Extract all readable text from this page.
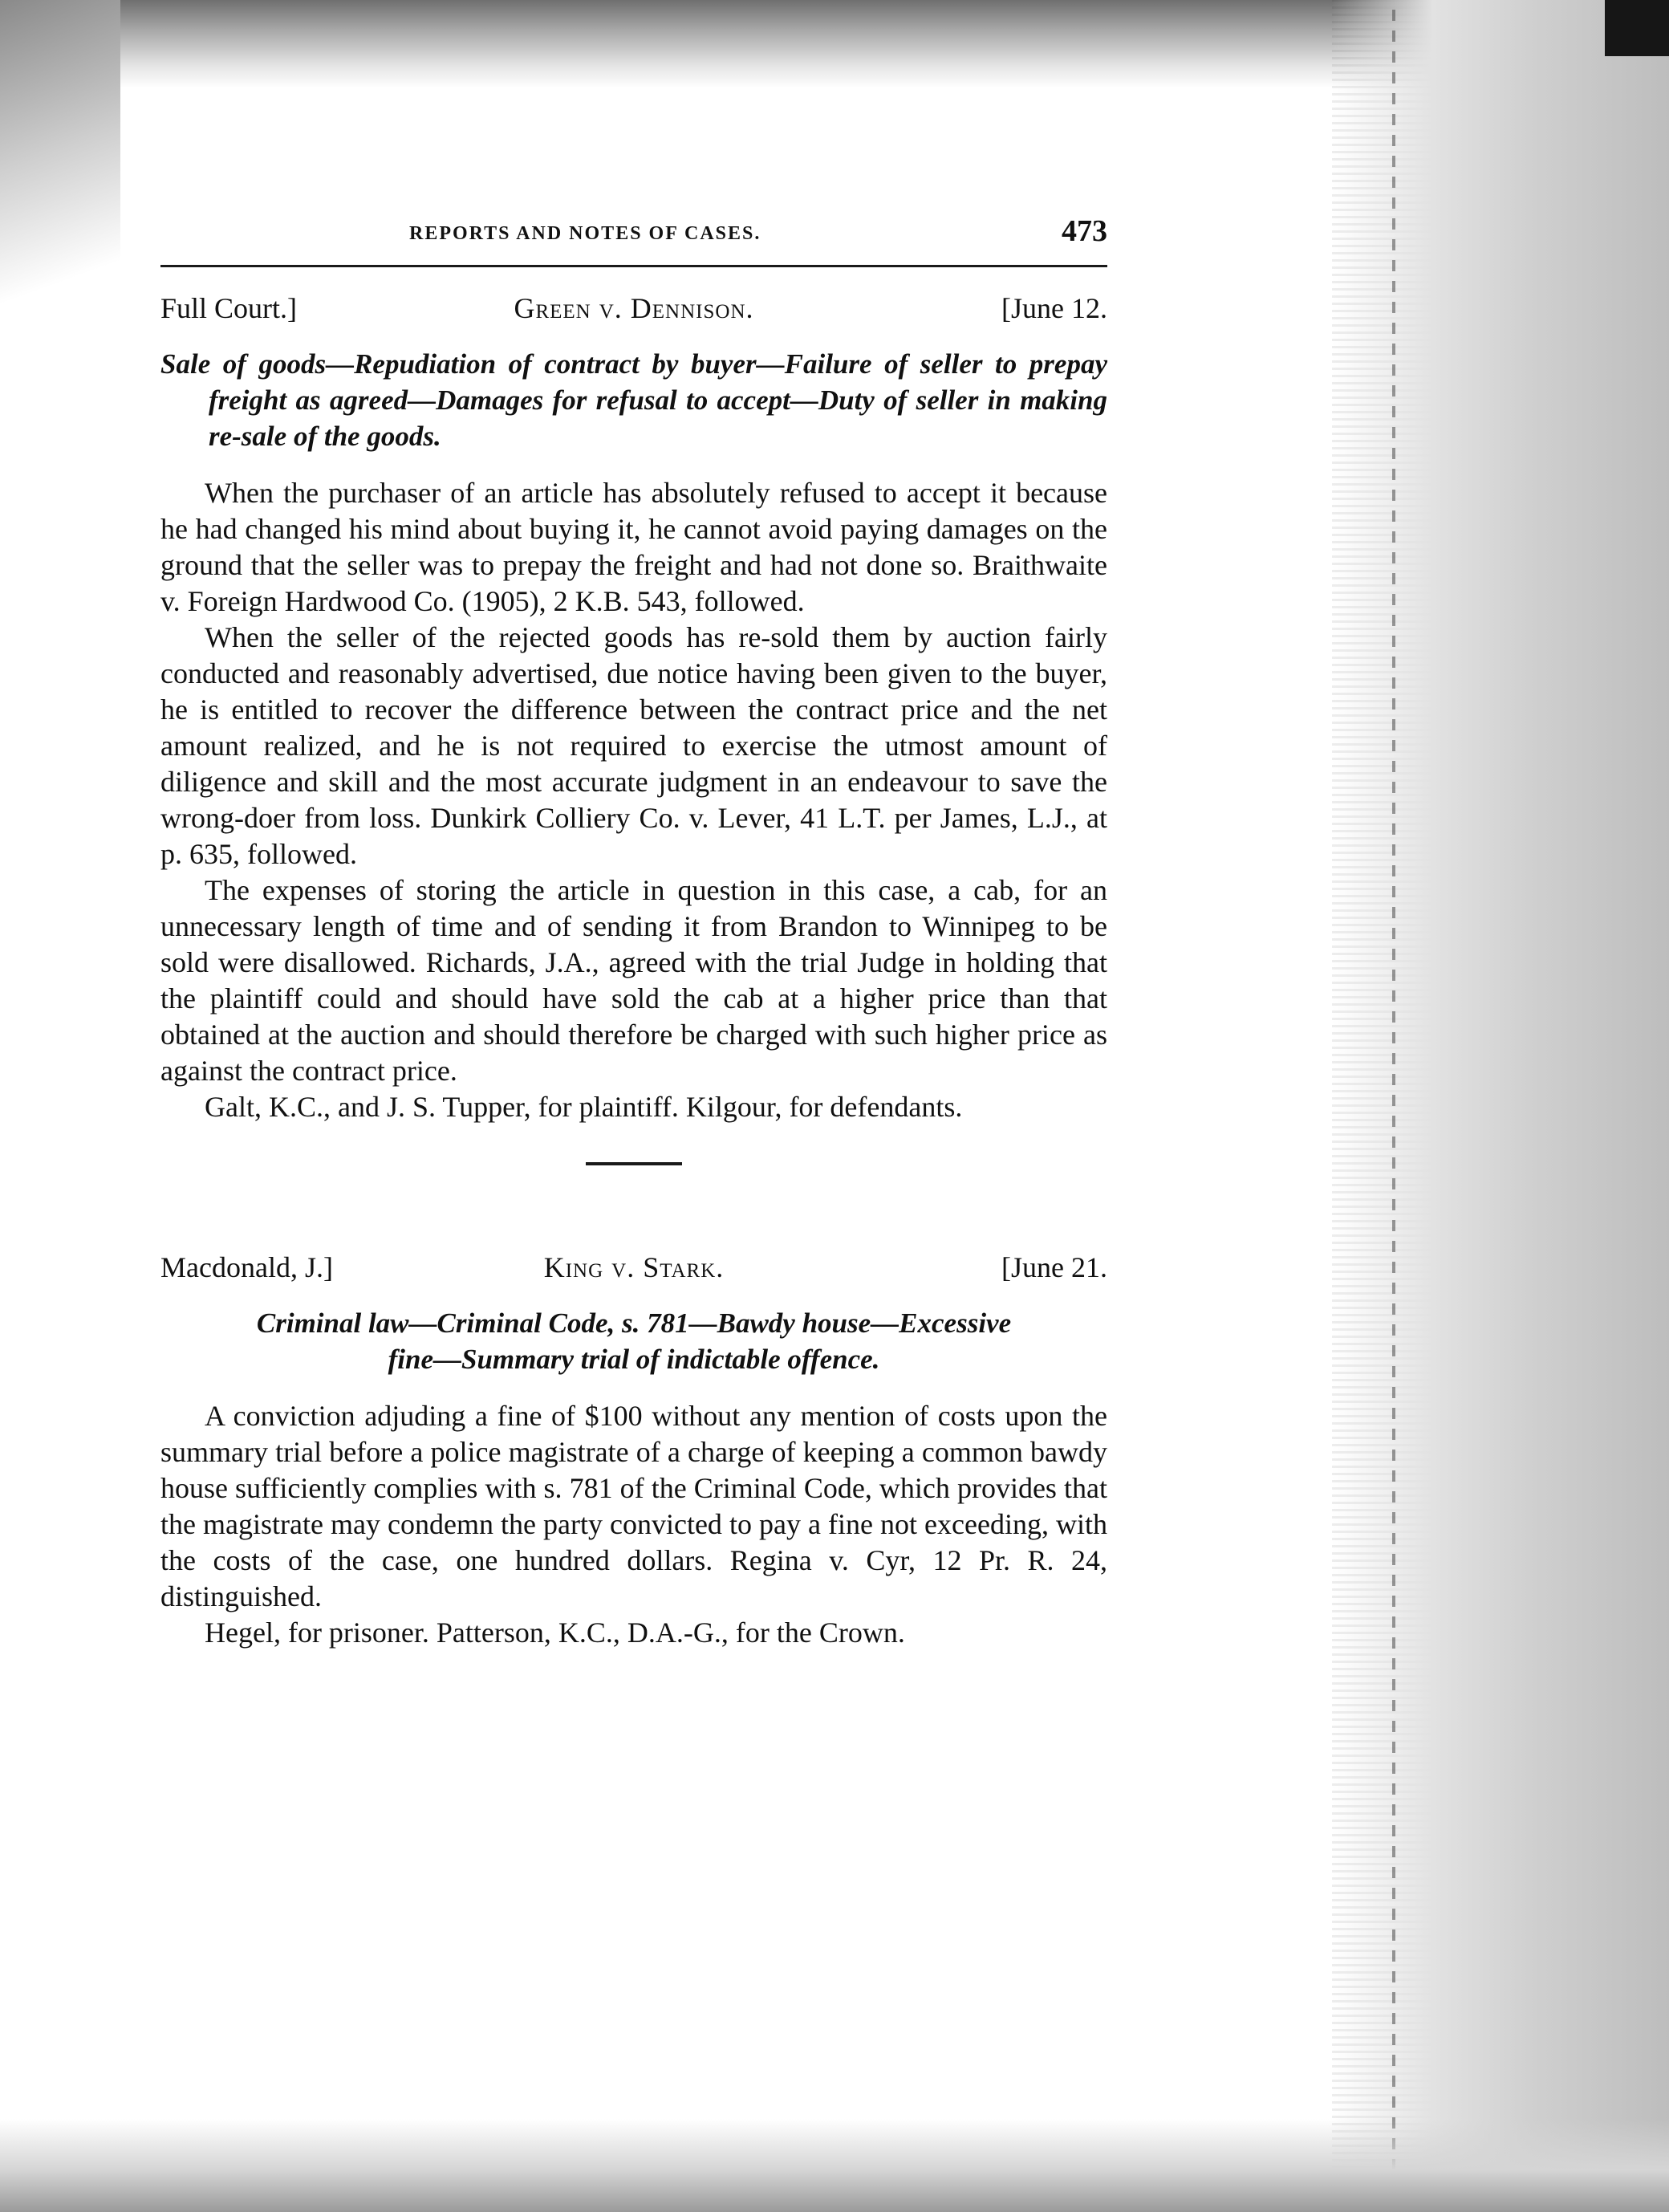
REPORTS AND NOTES OF CASES.	473
Full Court.]	Green v. Dennison.	[June 12.
Sale of goods—Repudiation of contract by buyer—Failure of seller to prepay freight as agreed—Damages for refusal to accept—Duty of seller in making re-sale of the goods.

When the purchaser of an article has absolutely refused to accept it because he had changed his mind about buying it, he cannot avoid paying damages on the ground that the seller was to prepay the freight and had not done so. Braithwaite v. Foreign Hardwood Co. (1905), 2 K.B. 543, followed.

When the seller of the rejected goods has re-sold them by auction fairly conducted and reasonably advertised, due notice having been given to the buyer, he is entitled to recover the difference between the contract price and the net amount realized, and he is not required to exercise the utmost amount of diligence and skill and the most accurate judgment in an endeavour to save the wrong-doer from loss. Dunkirk Colliery Co. v. Lever, 41 L.T. per James, L.J., at p. 635, followed.

The expenses of storing the article in question in this case, a cab, for an unnecessary length of time and of sending it from Brandon to Winnipeg to be sold were disallowed. Richards, J.A., agreed with the trial Judge in holding that the plaintiff could and should have sold the cab at a higher price than that obtained at the auction and should therefore be charged with such higher price as against the contract price.

Galt, K.C., and J. S. Tupper, for plaintiff. Kilgour, for defendants.

Macdonald, J.]	King v. Stark.	[June 21.
Criminal law—Criminal Code, s. 781—Bawdy house—Excessive
fine—Summary trial of indictable offence.

A conviction adjuding a fine of $100 without any mention of costs upon the summary trial before a police magistrate of a charge of keeping a common bawdy house sufficiently complies with s. 781 of the Criminal Code, which provides that the magistrate may condemn the party convicted to pay a fine not exceeding, with the costs of the case, one hundred dollars. Regina v. Cyr, 12 Pr. R. 24, distinguished.

Hegel, for prisoner. Patterson, K.C., D.A.-G., for the Crown.
